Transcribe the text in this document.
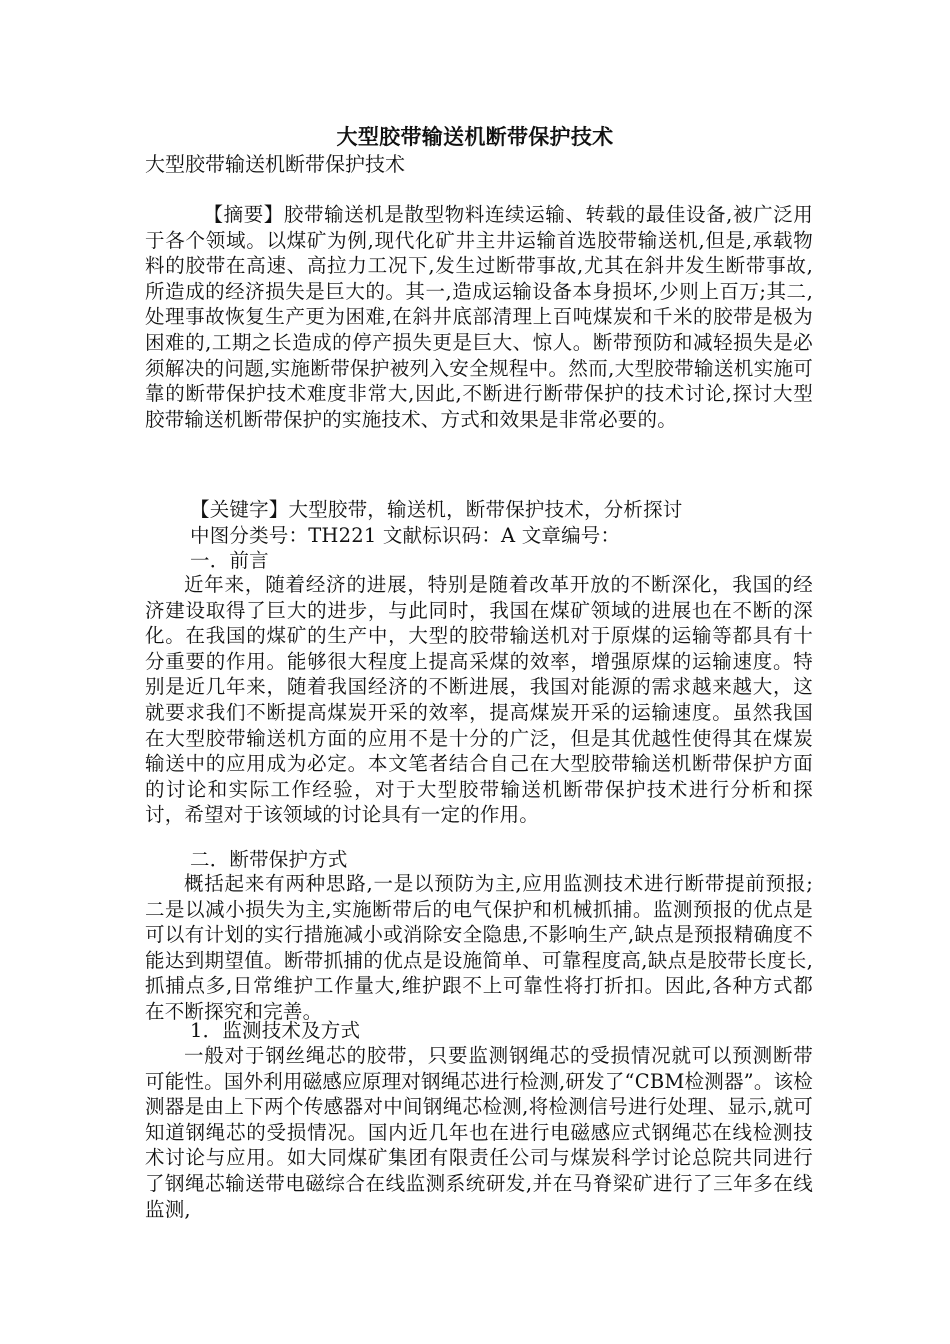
大型胶带输送机断带保护技术
大型胶带输送机断带保护技术
【摘要】胶带输送机是散型物料连续运输、转载的最佳设备,被广泛用于各个领域。以煤矿为例,现代化矿井主井运输首选胶带输送机,但是,承载物料的胶带在高速、高拉力工况下,发生过断带事故,尤其在斜井发生断带事故,所造成的经济损失是巨大的。其一,造成运输设备本身损坏,少则上百万;其二,处理事故恢复生产更为困难,在斜井底部清理上百吨煤炭和千米的胶带是极为困难的,工期之长造成的停产损失更是巨大、惊人。断带预防和减轻损失是必须解决的问题,实施断带保护被列入安全规程中。然而,大型胶带输送机实施可靠的断带保护技术难度非常大,因此,不断进行断带保护的技术讨论,探讨大型胶带输送机断带保护的实施技术、方式和效果是非常必要的。
【关键字】大型胶带，输送机，断带保护技术，分析探讨
中图分类号：TH221 文献标识码：A 文章编号：
一．前言
近年来，随着经济的进展，特别是随着改革开放的不断深化，我国的经济建设取得了巨大的进步，与此同时，我国在煤矿领域的进展也在不断的深化。在我国的煤矿的生产中，大型的胶带输送机对于原煤的运输等都具有十分重要的作用。能够很大程度上提高采煤的效率，增强原煤的运输速度。特别是近几年来，随着我国经济的不断进展，我国对能源的需求越来越大，这就要求我们不断提高煤炭开采的效率，提高煤炭开采的运输速度。虽然我国在大型胶带输送机方面的应用不是十分的广泛，但是其优越性使得其在煤炭输送中的应用成为必定。本文笔者结合自己在大型胶带输送机断带保护方面的讨论和实际工作经验，对于大型胶带输送机断带保护技术进行分析和探讨，希望对于该领域的讨论具有一定的作用。
二．断带保护方式
概括起来有两种思路,一是以预防为主,应用监测技术进行断带提前预报;二是以减小损失为主,实施断带后的电气保护和机械抓捕。监测预报的优点是可以有计划的实行措施减小或消除安全隐患,不影响生产,缺点是预报精确度不能达到期望值。断带抓捕的优点是设施简单、可靠程度高,缺点是胶带长度长,抓捕点多,日常维护工作量大,维护跟不上可靠性将打折扣。因此,各种方式都在不断探究和完善。
1．监测技术及方式
一般对于钢丝绳芯的胶带，只要监测钢绳芯的受损情况就可以预测断带可能性。国外利用磁感应原理对钢绳芯进行检测,研发了“CBM检测器”。该检测器是由上下两个传感器对中间钢绳芯检测,将检测信号进行处理、显示,就可知道钢绳芯的受损情况。国内近几年也在进行电磁感应式钢绳芯在线检测技术讨论与应用。如大同煤矿集团有限责任公司与煤炭科学讨论总院共同进行了钢绳芯输送带电磁综合在线监测系统研发,并在马脊梁矿进行了三年多在线监测,
